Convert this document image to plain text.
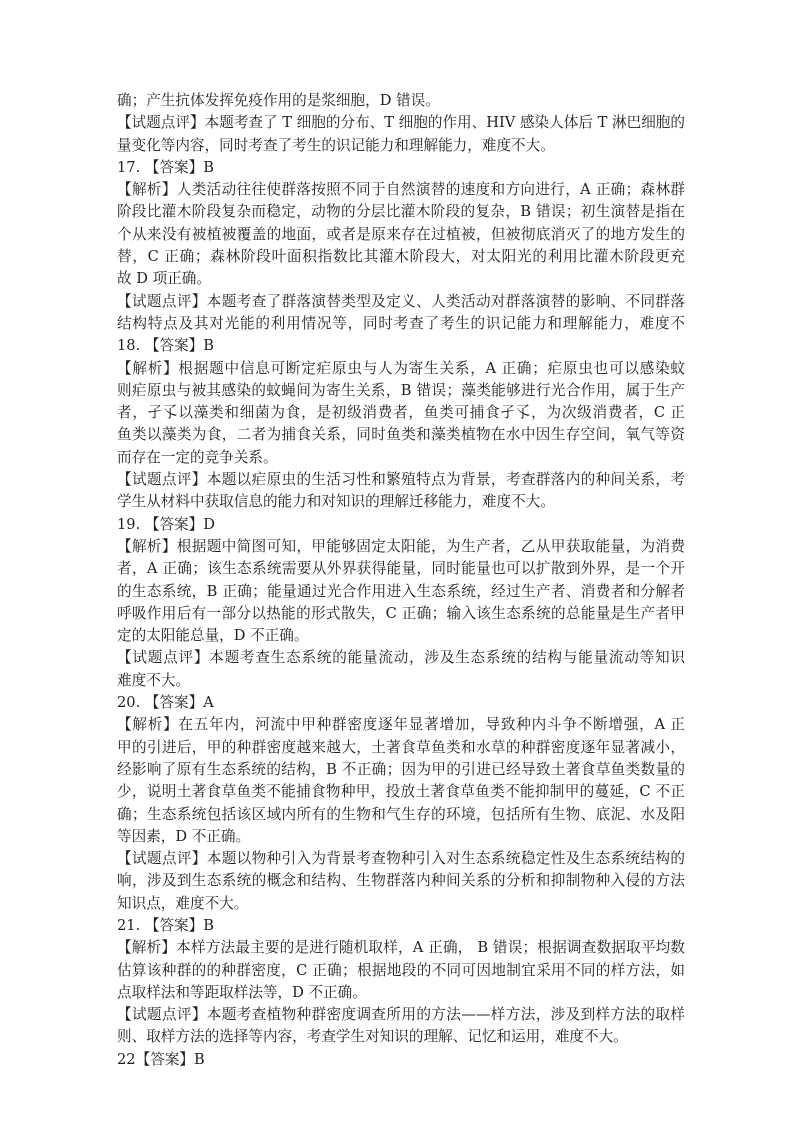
确；产生抗体发挥免疫作用的是浆细胞，D 错误。
【试题点评】本题考查了 T 细胞的分布、T 细胞的作用、HIV 感染人体后 T 淋巴细胞的
量变化等内容，同时考查了考生的识记能力和理解能力，难度不大。
17. 【答案】B
【解析】人类活动往往使群落按照不同于自然演替的速度和方向进行，A 正确；森林群
阶段比灌木阶段复杂而稳定，动物的分层比灌木阶段的复杂，B 错误；初生演替是指在
个从来没有被植被覆盖的地面，或者是原来存在过植被，但被彻底消灭了的地方发生的
替，C 正确；森林阶段叶面积指数比其灌木阶段大，对太阳光的利用比灌木阶段更充
故 D 项正确。
【试题点评】本题考查了群落演替类型及定义、人类活动对群落演替的影响、不同群落
结构特点及其对光能的利用情况等，同时考查了考生的识记能力和理解能力，难度不
18. 【答案】B
【解析】根据题中信息可断定疟原虫与人为寄生关系，A 正确；疟原虫也可以感染蚊
则疟原虫与被其感染的蚊蝇间为寄生关系，B 错误；藻类能够进行光合作用，属于生产
者，孑孓以藻类和细菌为食，是初级消费者，鱼类可捕食孑孓，为次级消费者，C 正
鱼类以藻类为食，二者为捕食关系，同时鱼类和藻类植物在水中因生存空间，氧气等资
而存在一定的竞争关系。
【试题点评】本题以疟原虫的生活习性和繁殖特点为背景，考查群落内的种间关系，考
学生从材料中获取信息的能力和对知识的理解迁移能力，难度不大。
19. 【答案】D
【解析】根据题中简图可知，甲能够固定太阳能，为生产者，乙从甲获取能量，为消费
者，A 正确；该生态系统需要从外界获得能量，同时能量也可以扩散到外界，是一个开
的生态系统，B 正确；能量通过光合作用进入生态系统，经过生产者、消费者和分解者
呼吸作用后有一部分以热能的形式散失，C 正确；输入该生态系统的总能量是生产者甲
定的太阳能总量，D 不正确。
【试题点评】本题考查生态系统的能量流动，涉及生态系统的结构与能量流动等知识
难度不大。
20. 【答案】A
【解析】在五年内，河流中甲种群密度逐年显著增加，导致种内斗争不断增强，A 正
甲的引进后，甲的种群密度越来越大，土著食草鱼类和水草的种群密度逐年显著减小，
经影响了原有生态系统的结构，B 不正确；因为甲的引进已经导致土著食草鱼类数量的
少，说明土著食草鱼类不能捕食物种甲，投放土著食草鱼类不能抑制甲的蔓延，C 不正
确；生态系统包括该区域内所有的生物和气生存的环境，包括所有生物、底泥、水及阳
等因素，D 不正确。
【试题点评】本题以物种引入为背景考查物种引入对生态系统稳定性及生态系统结构的
响，涉及到生态系统的概念和结构、生物群落内种间关系的分析和抑制物种入侵的方法
知识点，难度不大。
21. 【答案】B
【解析】本样方法最主要的是进行随机取样，A 正确， B 错误；根据调查数据取平均数
估算该种群的的种群密度，C 正确；根据地段的不同可因地制宜采用不同的样方法，如
点取样法和等距取样法等，D 不正确。
【试题点评】本题考查植物种群密度调查所用的方法——样方法，涉及到样方法的取样
则、取样方法的选择等内容，考查学生对知识的理解、记忆和运用，难度不大。
22【答案】B
